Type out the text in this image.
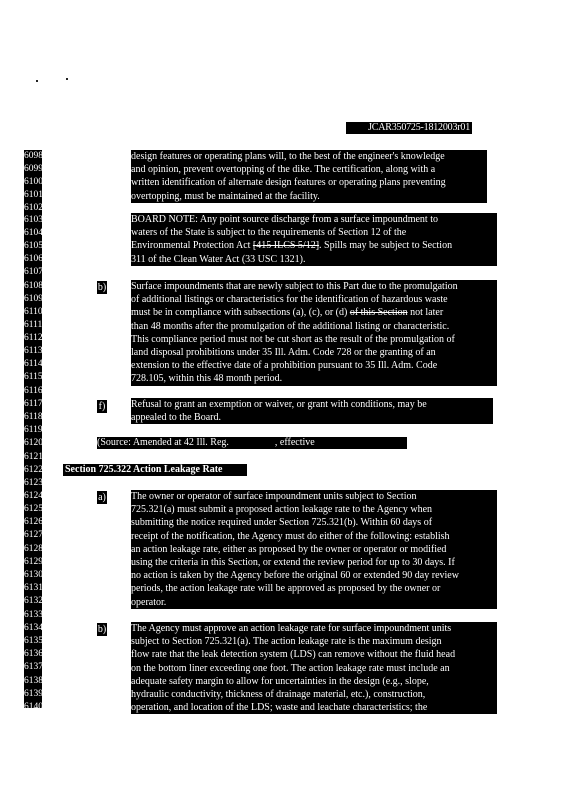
JCAR350725-1812003r01
6098
6099
6100
6101
6102
6103
6104
6105
6106
6107
6108
6109
6110
6111
6112
6113
6114
6115
6116
6117
6118
6119
6120
6121
6122
6123
6124
6125
6126
6127
6128
6129
6130
6131
6132
6133
6134
6135
6136
6137
6138
6139
6140
design features or operating plans will, to the best of the engineer's knowledge
and opinion, prevent overtopping of the dike. The certification, along with a
written identification of alternate design features or operating plans preventing
overtopping, must be maintained at the facility.
BOARD NOTE: Any point source discharge from a surface impoundment to
waters of the State is subject to the requirements of Section 12 of the
Environmental Protection Act [415 ILCS 5/12]. Spills may be subject to Section
311 of the Clean Water Act (33 USC 1321).
b) Surface impoundments that are newly subject to this Part due to the promulgation
of additional listings or characteristics for the identification of hazardous waste
must be in compliance with subsections (a), (c), or (d) of this Section not later
than 48 months after the promulgation of the additional listing or characteristic.
This compliance period must not be cut short as the result of the promulgation of
land disposal prohibitions under 35 Ill. Adm. Code 728 or the granting of an
extension to the effective date of a prohibition pursuant to 35 Ill. Adm. Code
728.105, within this 48 month period.
f)	Refusal to grant an exemption or waiver, or grant with conditions, may be
appealed to the Board.
(Source: Amended at 42 Ill. Reg.	, effective	)
Section 725.322 Action Leakage Rate
a)	The owner or operator of surface impoundment units subject to Section
725.321(a) must submit a proposed action leakage rate to the Agency when
submitting the notice required under Section 725.321(b). Within 60 days of
receipt of the notification, the Agency must do either of the following: establish
an action leakage rate, either as proposed by the owner or operator or modified
using the criteria in this Section, or extend the review period for up to 30 days. If
no action is taken by the Agency before the original 60 or extended 90 day review
periods, the action leakage rate will be approved as proposed by the owner or
operator.
b) The Agency must approve an action leakage rate for surface impoundment units
subject to Section 725.321(a). The action leakage rate is the maximum design
flow rate that the leak detection system (LDS) can remove without the fluid head
on the bottom liner exceeding one foot. The action leakage rate must include an
adequate safety margin to allow for uncertainties in the design (e.g., slope,
hydraulic conductivity, thickness of drainage material, etc.), construction,
operation, and location of the LDS; waste and leachate characteristics; the
